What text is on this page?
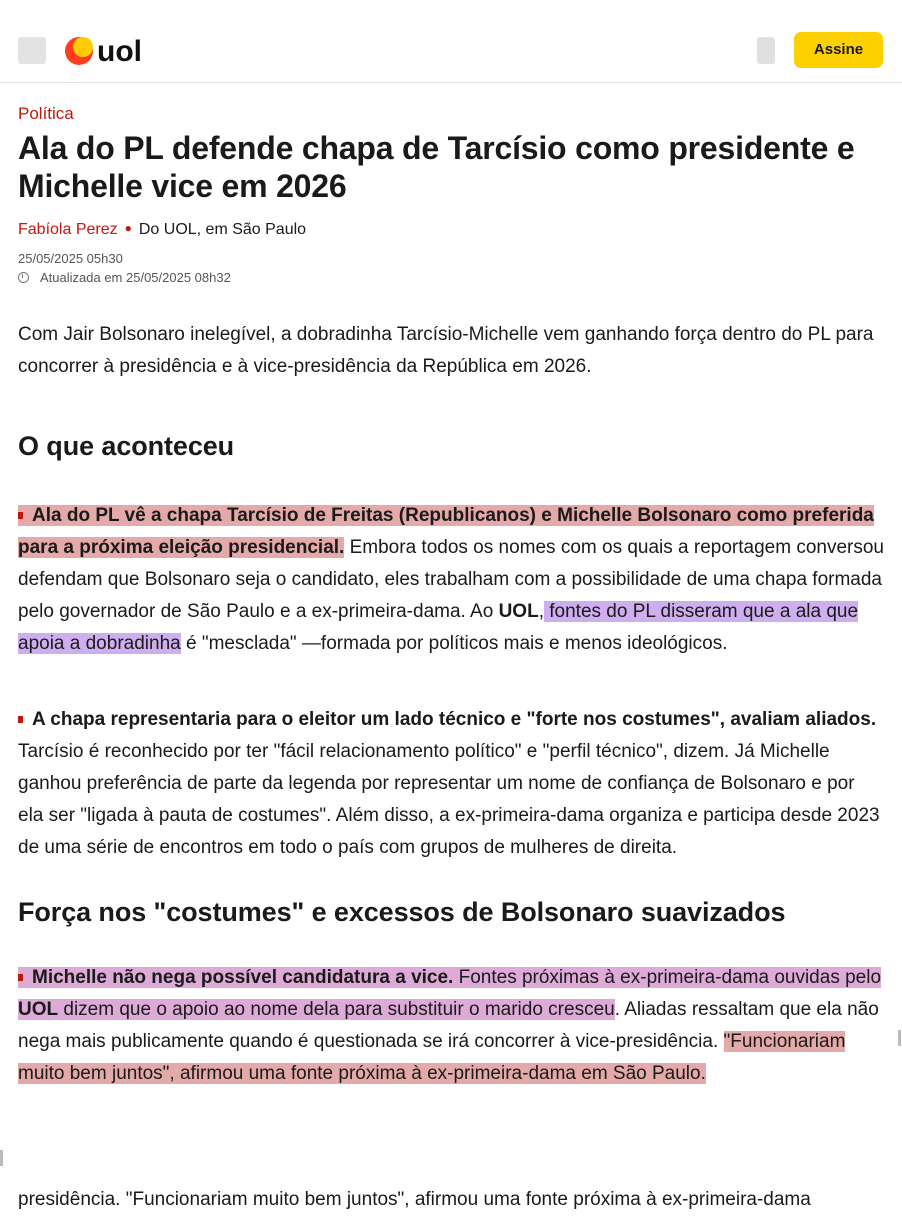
uol	Assine
Política
Ala do PL defende chapa de Tarcísio como presidente e Michelle vice em 2026
Fabíola Perez ● Do UOL, em São Paulo
25/05/2025 05h30
Atualizada em 25/05/2025 08h32

Com Jair Bolsonaro inelegível, a dobradinha Tarcísio-Michelle vem ganhando força dentro do PL para concorrer à presidência e à vice-presidência da República em 2026.

O que aconteceu
Ala do PL vê a chapa Tarcísio de Freitas (Republicanos) e Michelle Bolsonaro como preferida para a próxima eleição presidencial. Embora todos os nomes com os quais a reportagem conversou defendam que Bolsonaro seja o candidato, eles trabalham com a possibilidade de uma chapa formada pelo governador de São Paulo e a ex-primeira-dama. Ao UOL, fontes do PL disseram que a ala que apoia a dobradinha é "mesclada" —formada por políticos mais e menos ideológicos.
A chapa representaria para o eleitor um lado técnico e "forte nos costumes", avaliam aliados. Tarcísio é reconhecido por ter "fácil relacionamento político" e "perfil técnico", dizem. Já Michelle ganhou preferência de parte da legenda por representar um nome de confiança de Bolsonaro e por ela ser "ligada à pauta de costumes". Além disso, a ex-primeira-dama organiza e participa desde 2023 de uma série de encontros em todo o país com grupos de mulheres de direita.
Força nos "costumes" e excessos de Bolsonaro suavizados
Michelle não nega possível candidatura a vice. Fontes próximas à ex-primeira-dama ouvidas pelo UOL dizem que o apoio ao nome dela para substituir o marido cresceu. Aliadas ressaltam que ela não nega mais publicamente quando é questionada se irá concorrer à vice-presidência. "Funcionariam muito bem juntos", afirmou uma fonte próxima à ex-primeira-dama em São Paulo.
presidência. "Funcionariam muito bem juntos", afirmou uma fonte próxima à ex-primeira-dama
